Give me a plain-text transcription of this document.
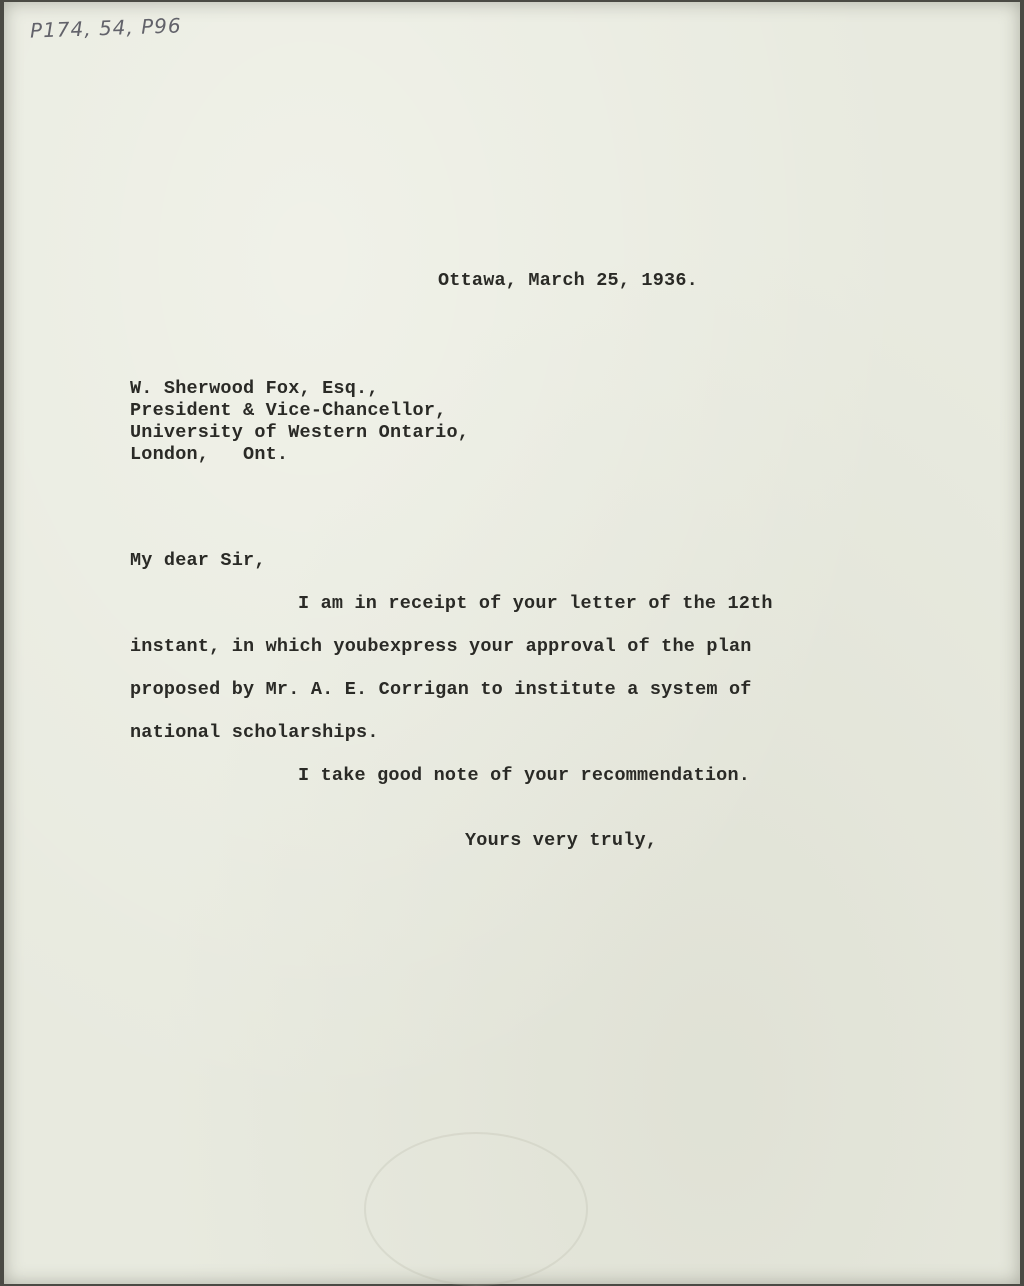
P174, 54, P96
Ottawa, March 25, 1936.
W. Sherwood Fox, Esq.,
President & Vice-Chancellor,
University of Western Ontario,
London,   Ont.
My dear Sir,
I am in receipt of your letter of the 12th
instant, in which youbexpress your approval of the plan
proposed by Mr. A. E. Corrigan to institute a system of
national scholarships.
I take good note of your recommendation.
Yours very truly,
